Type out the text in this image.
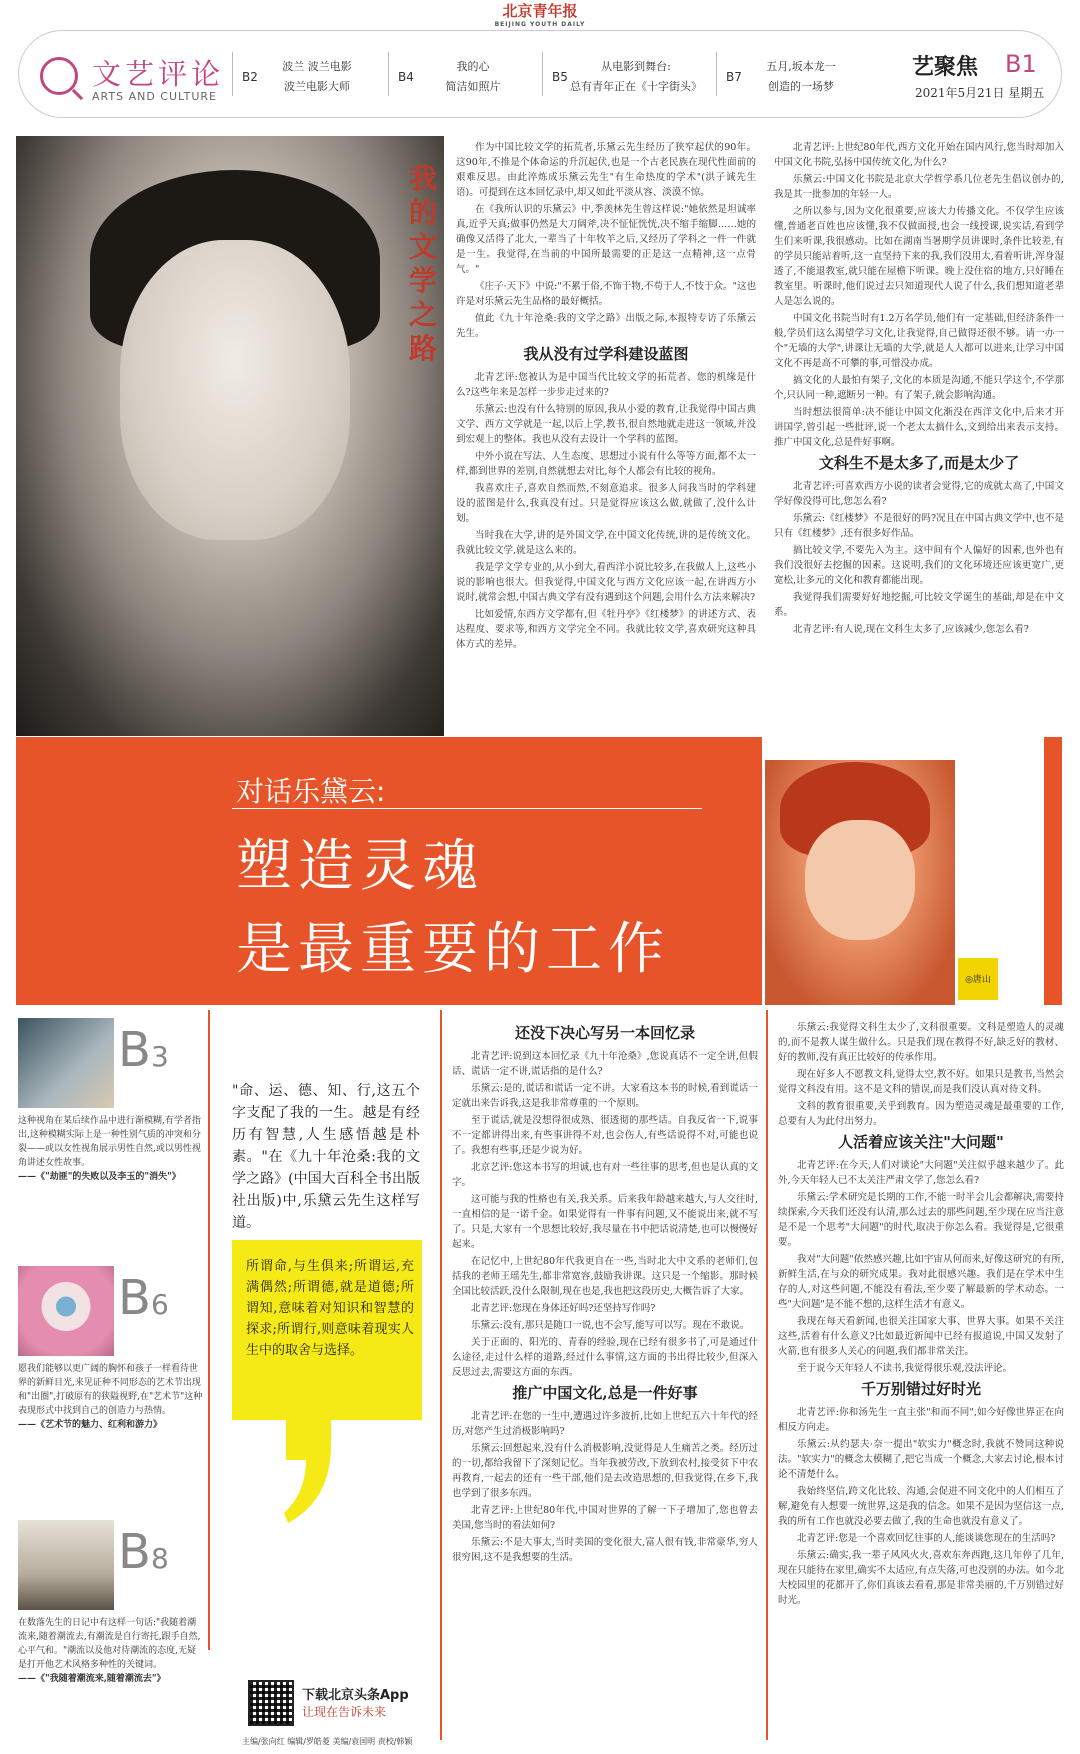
北京青年报
BEIJING YOUTH DAILY
文艺评论
ARTS AND CULTURE
B2
波兰 波兰电影
波兰电影大师
B4
我的心
简洁如照片
B5
从电影到舞台:
总有青年正在《十字街头》
B7
五月,坂本龙一
创造的一场梦
艺聚焦 B1
2021年5月21日 星期五
我的文学之路

作为中国比较文学的拓荒者,乐黛云先生经历了狭窄起伏的90年。这90年,不推是个体命运的升沉起伏,也是一个古老民族在现代性面前的艰难反思。由此淬炼成乐黛云先生"有生命热度的学术"(洪子诚先生语)。可提到在这本回忆录中,却又如此平淡从容、淡漠不惊。

在《我所认识的乐黛云》中,季羡林先生曾这样说:"她依然是坦诚率真,近乎天真;做事仍然是大刀阔斧,决不怔怔恍恍,决不缩手缩脚……她的确像又活得了北大,一辈当了十年牧羊之后,又经历了学科之一件一件就是一生。我觉得,在当前的中国所最需要的正是这一点精神,这一点骨气。"

《庄子·天下》中说:"不累于俗,不饰于物,不苟于人,不忮于众。"这也许是对乐黛云先生品格的最好概括。

值此《九十年沧桑:我的文学之路》出版之际,本报特专访了乐黛云先生。

我从没有过学科建设蓝图

北青艺评:您被认为是中国当代比较文学的拓荒者、您的机缘是什么?这些年来是怎样一步步走过来的?

乐黛云:也没有什么特别的原因,我从小爱的教育,让我觉得中国古典文学、西方文学就是一起,以后上学,教书,很自然地就走进这一领域,并没到宏观上的整体。我也从没有去设计一个学科的蓝图。

中外小说在写法、人生态度、思想过小说有什么等等方面,都不太一样,都到世界的差别,自然就想去对比,每个人都会有比较的视角。

我喜欢庄子,喜欢自然而然,不刻意追求。很多人问我当时的学科建设的蓝图是什么,我真没有过。只是觉得应该这么做,就做了,没什么计划。

当时我在大学,讲的是外国文学,在中国文化传统,讲的是传统文化。我就比较文学,就是这么来的。

我是学文学专业的,从小到大,看西洋小说比较多,在我做人上,这些小说的影响也很大。但我觉得,中国文化与西方文化应该一起,在讲西方小说时,就常会想,中国古典文学有没有遇到这个问题,会用什么方法来解决?

比如爱情,东西方文学都有,但《牡丹亭》《红楼梦》的讲述方式、表达程度、要求等,和西方文学完全不同。我就比较文学,喜欢研究这种具体方式的差异。

北青艺评:上世纪80年代,西方文化开始在国内风行,您当时却加入中国文化书院,弘扬中国传统文化,为什么?

乐黛云:中国文化书院是北京大学哲学系几位老先生倡议创办的,我是其一批参加的年轻一人。

之所以参与,因为文化很重要,应该大力传播文化。不仅学生应该懂,普通老百姓也应该懂,我不仅做面授,也会一线授课,说实话,看到学生们来听课,我很感动。比如在湖南当暑期学员讲课时,条件比较差,有的学员只能站着听,这一直坚持下来的我,我们没用太,看着听讲,浑身湿透了,不能退教室,就只能在屋檐下听课。晚上没住宿的地方,只好睡在教室里。听课时,他们说过去只知道现代人说了什么,我们想知道老辈人是怎么说的。

中国文化书院当时有1.2万名学员,他们有一定基础,但经济条件一般,学员们这么渴望学习文化,让我觉得,自己做得还很不够。请一办一个"无墙的大学",讲课让无墙的大学,就是人人都可以进来,让学习中国文化不再是高不可攀的事,可惜没办成。

搞文化的人最怕有架子,文化的本质是沟通,不能只学这个,不学那个,只认同一种,遮断另一种。有了架子,就会影响沟通。

当时想法很简单:决不能让中国文化渐没在西洋文化中,后来才开讲国学,曾引起一些批评,说一个老太太搞什么,文到给出来表示支持。推广中国文化,总是件好事啊。

文科生不是太多了,而是太少了

北青艺评:可喜欢西方小说的读者会觉得,它的成就太高了,中国文学好像没得可比,您怎么看?

乐黛云:《红楼梦》不是很好的吗?况且在中国古典文学中,也不是只有《红楼梦》,还有很多好作品。

搞比较文学,不要先入为主。这中间有个人偏好的因素,也外也有我们没很好去挖掘的因素。这说明,我们的文化环境还应该更宽广,更宽松,让多元的文化和教育都能出现。

我觉得我们需要好好地挖掘,可比较文学诞生的基础,却是在中文系。

北青艺评:有人说,现在文科生太多了,应该减少,您怎么看?

◎唐山
对话乐黛云:
塑造灵魂
是最重要的工作
B3
这种视角在某后续作品中进行渐模糊,有学者指出,这种模糊实际上是一种性别气质的冲突和分裂——或以女性视角展示男性自然,或以男性视角讲述女性故事。
——《"劫匪"的失败以及李玉的"消失"》
B6
愿我们能够以更广阔的胸怀和孩子一样看待世界的新鲜目光,来见证种不同形态的艺术节出现和"出圈",打破原有的狭隘视野,在"艺术节"这种表现形式中找到自己的创造力与热情。
——《艺术节的魅力、红利和游力》
B8
在数落先生的日记中有这样一句话:"我随着潮流来,随着潮流去,有潮流是自行寄托,跟手自然,心平气和。"潮流以及他对待潮流的态度,无疑是打开他艺术风格多种性的关键词。
——《"我随着潮流来,随着潮流去"》
"命、运、德、知、行,这五个字支配了我的一生。越是有经历有智慧,人生感悟越是朴素。"在《九十年沧桑:我的文学之路》(中国大百科全书出版社出版)中,乐黛云先生这样写道。
所谓命,与生俱来;所谓运,充满偶然;所谓德,就是道德;所谓知,意味着对知识和智慧的探求;所谓行,则意味着现实人生中的取舍与选择。
还没下决心写另一本回忆录

北青艺评:说到这本回忆录《九十年沧桑》,您说真话不一定全讲,但假话、谎话一定不讲,谎话指的是什么?

乐黛云:是的,谎话和谎话一定不讲。大家看这本书的时候,看到谎话一定就出来告诉我,这是我非常尊重的一个原则。

至于谎话,就是没想得很成熟、很透彻的那些话。自我反省一下,说事不一定都讲得出来,有些事讲得不对,也会伤人,有些话说得不对,可能也说了。我想有些事,还是少说为好。

北京艺评:您这本书写的坦诚,也有对一些往事的思考,但也是认真的文字。

这可能与我的性格也有关,我关系。后来我年龄越来越大,与人交往时,一直相信的是一诺千金。如果觉得有一件事有问题,又不能说出来,就不写了。只是,大家有一个思想比较好,我尽量在书中把话说清楚,也可以慢慢好起来。

在记忆中,上世纪80年代我更自在一些,当时北大中文系的老师们,包括我的老师王瑶先生,都非常宽容,鼓励我讲课。这只是一个缩影。那时候全国比较活跃,没什么限制,现在也是,我也把这段历史,大概告诉了大家。

北青艺评:您现在身体还好吗?还坚持写作吗?

乐黛云:没有,那只是随口一说,也不会写,能写可以写。现在不敢说。

关于正面的、阳光的、青春的经验,现在已经有很多书了,可是通过什么途径,走过什么样的道路,经过什么事情,这方面的书出得比较少,但深入反思过去,需要这方面的东西。

推广中国文化,总是一件好事

北青艺评:在您的一生中,遭遇过许多波折,比如上世纪五六十年代的经历,对您产生过消极影响吗?

乐黛云:回想起来,没有什么消极影响,没觉得是人生痛苦之类。经历过的一切,都给我留下了深刻记忆。当年我被劳改,下放到农村,接受贫下中农再教育,一起去的还有一些干部,他们是去改造思想的,但我觉得,在乡下,我也学到了很多东西。

北青艺评:上世纪80年代,中国对世界的了解一下子增加了,您也曾去美国,您当时的看法如何?

乐黛云:不是大事太,当时美国的变化很大,富人很有钱,非常豪华,穷人很穷困,这不是我想要的生活。

乐黛云:我觉得文科生太少了,文科很重要。文科是塑造人的灵魂的,而不是教人谋生做什么。只是我们现在教得不好,缺乏好的教材、好的教师,没有真正比较好的传承作用。

现在好多人不愿教文科,觉得太空,教不好。如果只是教书,当然会觉得文科没有用。这不是文科的错误,而是我们没认真对待文科。

文科的教育很重要,关乎到教育。因为塑造灵魂是最重要的工作,总要有人为此付出努力。

人活着应该关注"大问题"

北青艺评:在今天,人们对谈论"大问题"关注似乎越来越少了。此外,今天年轻人已不太关注严肃文学了,您怎么看?

乐黛云:学术研究是长期的工作,不能一时半会儿会都解决,需要持续探索,今天我们还没有认清,那么过去的那些问题,至少现在应当注意是不是一个思考"大问题"的时代,取决于你怎么看。我觉得是,它很重要。

我对"大问题"依然感兴趣,比如宇宙从何而来,好像这研究的有所,新鲜生活,在与众的研究成果。我对此很感兴趣。我们是在学术中生存的人,对这些问题,不能没有看法,至少要了解最新的学术动态。一些"大问题"是不能不想的,这样生活才有意义。

我现在每天看新闻,也很关注国家大事、世界大事。如果不关注这些,活着有什么意义?比如最近新闻中已经有报道说,中国又发射了火箭,也有很多人关心的问题,我们都非常关注。

至于说今天年轻人不读书,我觉得很乐观,没法评论。

千万别错过好时光

北青艺评:你和汤先生一直主张"和而不同",如今好像世界正在向相反方向走。

乐黛云:从约瑟夫·奈一提出"软实力"概念时,我就不赞同这种说法。"软实力"的概念太模糊了,把它当成一个概念,大家去讨论,根本讨论不清楚什么。

我始终坚信,跨文化比较、沟通,会促进不同文化中的人们相互了解,避免有人想要一统世界,这是我的信念。如果不是因为坚信这一点,我的所有工作也就没必要去做了,我的生命也就没有意义了。

北青艺评:您是一个喜欢回忆往事的人,能谈谈您现在的生活吗?

乐黛云:确实,我一辈子风风火火,喜欢东奔西跑,这几年停了几年,现在只能待在家里,确实不太适应,有点失落,可也没别的办法。如今北大校园里的花都开了,你们真该去看看,那是非常美丽的,千万别错过好时光。

下载北京头条App
让现在告诉未来
主编/张向红 编辑/罗皓菱 美编/袁国明 责校/韩颖
